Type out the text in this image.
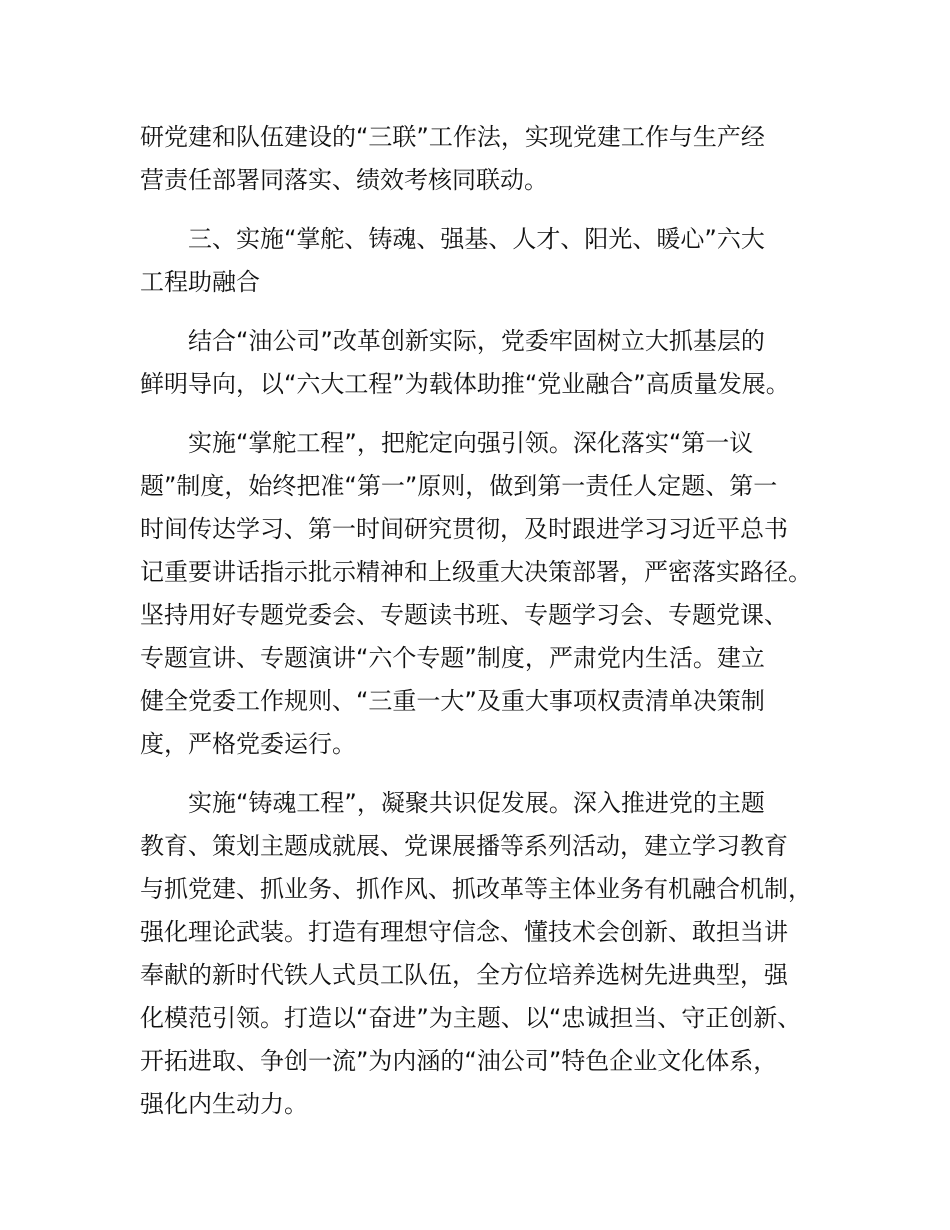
研党建和队伍建设的“三联”工作法，实现党建工作与生产经
营责任部署同落实、绩效考核同联动。
三、实施“掌舵、铸魂、强基、人才、阳光、暖心”六大
工程助融合
结合“油公司”改革创新实际，党委牢固树立大抓基层的
鲜明导向，以“六大工程”为载体助推“党业融合”高质量发展。
实施“掌舵工程”，把舵定向强引领。深化落实“第一议
题”制度，始终把准“第一”原则，做到第一责任人定题、第一
时间传达学习、第一时间研究贯彻，及时跟进学习习近平总书
记重要讲话指示批示精神和上级重大决策部署，严密落实路径。
坚持用好专题党委会、专题读书班、专题学习会、专题党课、
专题宣讲、专题演讲“六个专题”制度，严肃党内生活。建立
健全党委工作规则、“三重一大”及重大事项权责清单决策制
度，严格党委运行。
实施“铸魂工程”，凝聚共识促发展。深入推进党的主题
教育、策划主题成就展、党课展播等系列活动，建立学习教育
与抓党建、抓业务、抓作风、抓改革等主体业务有机融合机制，
强化理论武装。打造有理想守信念、懂技术会创新、敢担当讲
奉献的新时代铁人式员工队伍，全方位培养选树先进典型，强
化模范引领。打造以“奋进”为主题、以“忠诚担当、守正创新、
开拓进取、争创一流”为内涵的“油公司”特色企业文化体系，
强化内生动力。
